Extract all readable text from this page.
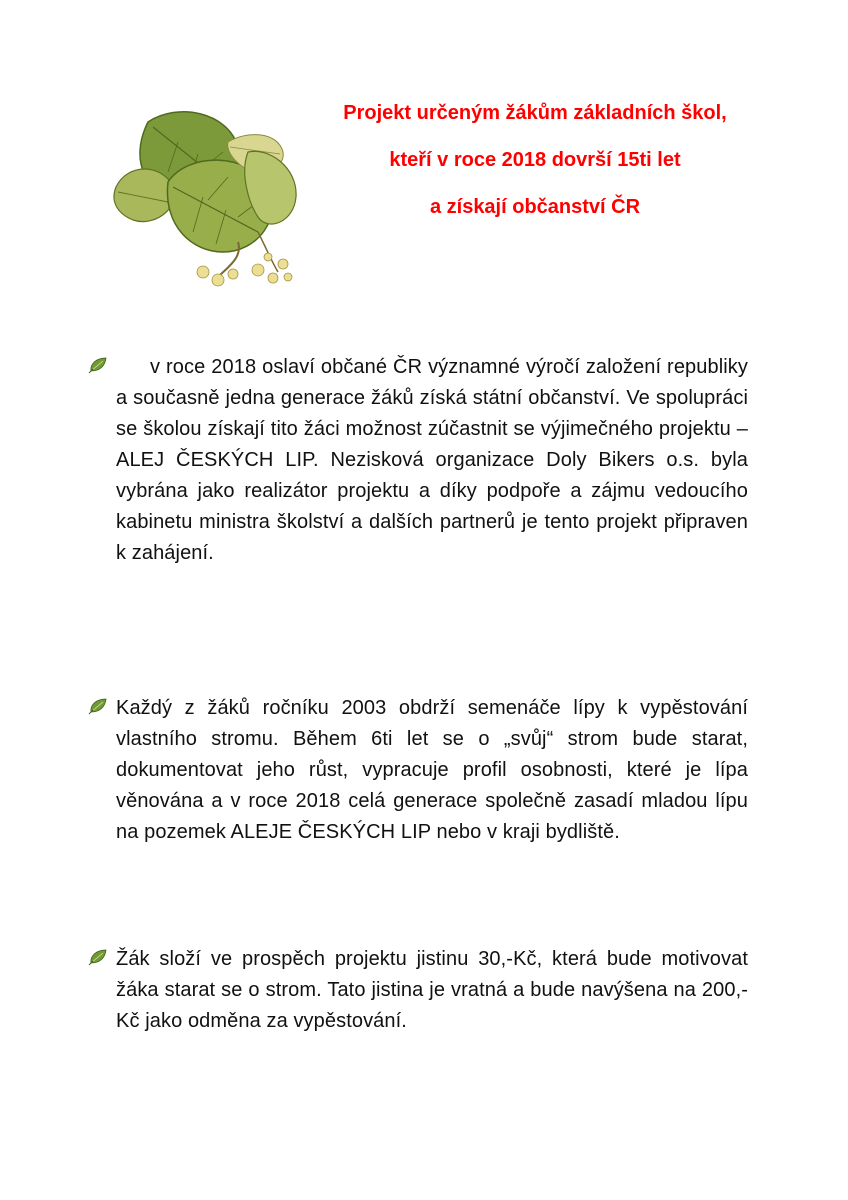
Projekt určeným žákům základních škol,
kteří v roce 2018 dovrší 15ti let
a získají občanství ČR

v roce 2018 oslaví občané ČR významné výročí založení republiky a současně jedna generace žáků získá státní občanství. Ve spolupráci se školou získají tito žáci možnost zúčastnit se výjimečného projektu – ALEJ ČESKÝCH LIP. Nezisková organizace Doly Bikers o.s. byla vybrána jako realizátor projektu a díky podpoře a zájmu vedoucího kabinetu ministra školství a dalších partnerů je tento projekt připraven k zahájení.

Každý z žáků ročníku 2003 obdrží semenáče lípy k vypěstování vlastního stromu. Během 6ti let se o „svůj“ strom bude starat, dokumentovat jeho růst, vypracuje profil osobnosti, které je lípa věnována a v roce 2018 celá generace společně zasadí mladou lípu na pozemek ALEJE ČESKÝCH LIP nebo v kraji bydliště.

Žák složí ve prospěch projektu jistinu 30,-Kč, která bude motivovat žáka starat se o strom. Tato jistina je vratná a bude navýšena na 200,- Kč jako odměna za vypěstování.
